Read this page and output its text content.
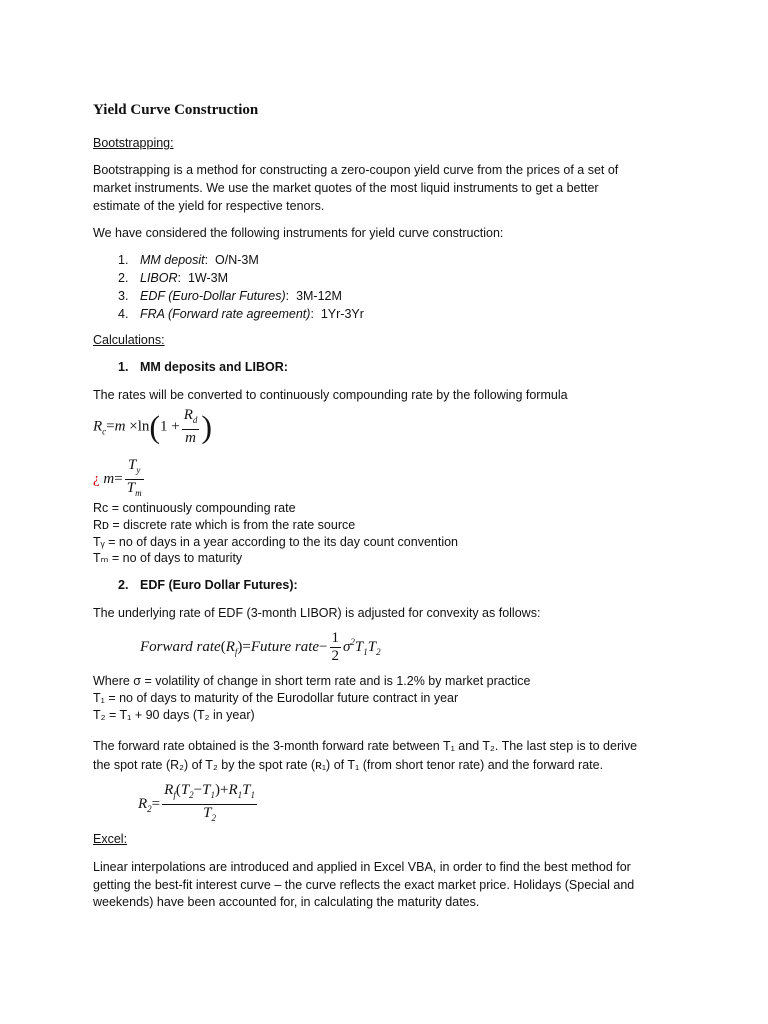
Yield Curve Construction
Bootstrapping:
Bootstrapping is a method for constructing a zero-coupon yield curve from the prices of a set of
market instruments. We use the market quotes of the most liquid instruments to get a better
estimate of the yield for respective tenors.
We have considered the following instruments for yield curve construction:
1. MM deposit:  O/N-3M
2. LIBOR:  1W-3M
3. EDF (Euro-Dollar Futures):  3M-12M
4. FRA (Forward rate agreement):  1Yr-3Yr
Calculations:
1. MM deposits and LIBOR:
The rates will be converted to continuously compounding rate by the following formula
$R_c=m \times\ln(1 + \frac{R_d}{m}$ )
¿ $m= \frac{T_y}{T_m}$
Rᴄ = continuously compounding rate
Rᴅ = discrete rate which is from the rate source
Tᵧ = no of days in a year according to the its day count convention
Tₘ = no of days to maturity
2. EDF (Euro Dollar Futures):
The underlying rate of EDF (3-month LIBOR) is adjusted for convexity as follows:
Forward $rate(R_f)=Future$ rate− $\frac{1}{2} \sigma^2T_1T_2$
Where σ = volatility of change in short term rate and is 1.2% by market practice
T₁ = no of days to maturity of the Eurodollar future contract in year
T₂ = T₁ + 90 days (T₂ in year)
The forward rate obtained is the 3-month forward rate between T₁ and T₂. The last step is to derive
the spot rate (R₂) of T₂ by the spot rate (ʀ₁) of T₁ (from short tenor rate) and the forward rate.
$R_2= \frac{R_f(T_2-T_1)+R_1T_1}{T_2}$
Excel:
Linear interpolations are introduced and applied in Excel VBA, in order to find the best method for
getting the best-fit interest curve – the curve reflects the exact market price. Holidays (Special and
weekends) have been accounted for, in calculating the maturity dates.
